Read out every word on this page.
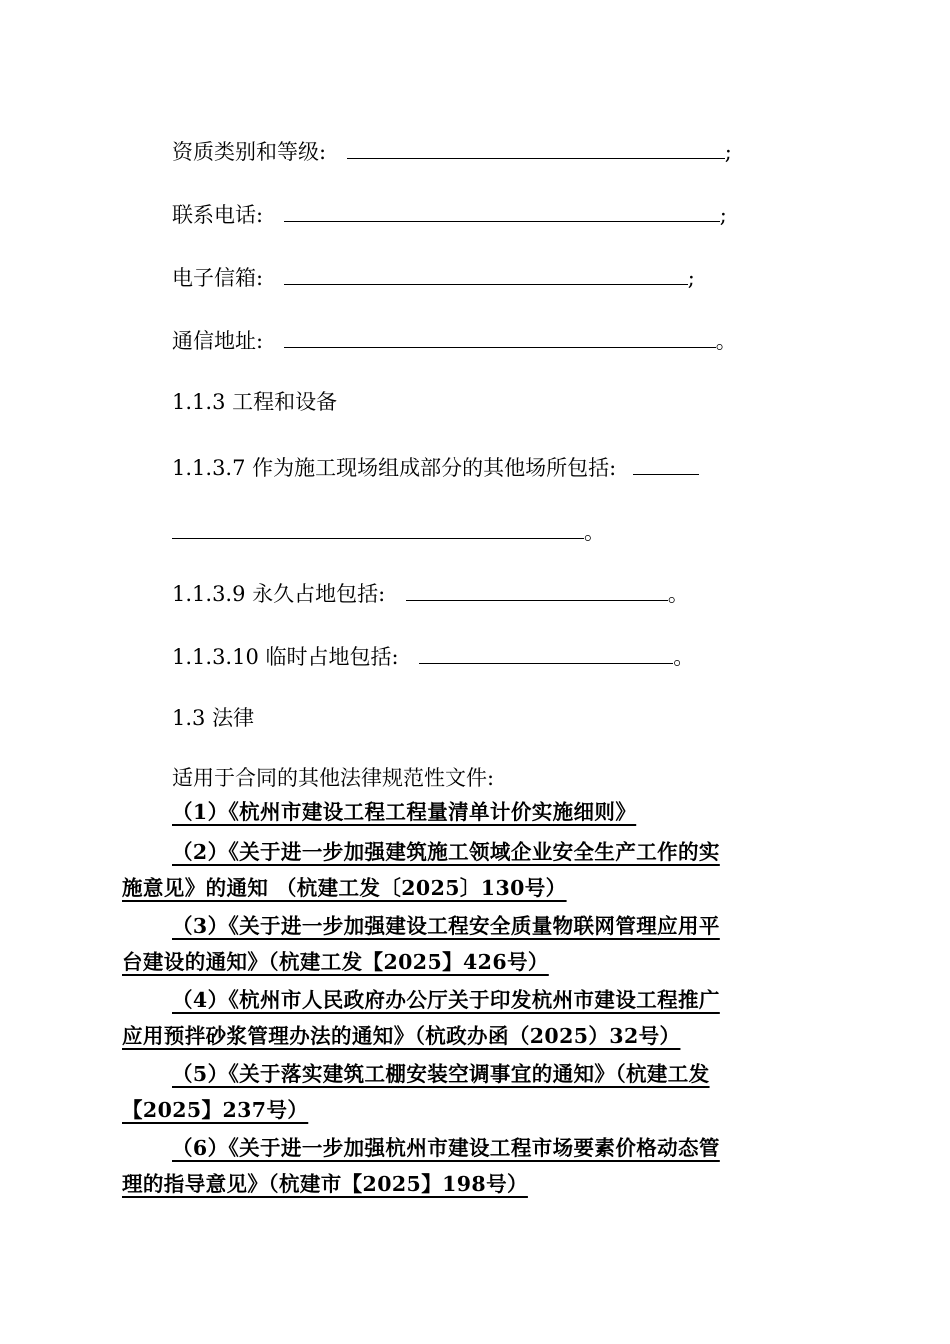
资质类别和等级:	;
联系电话:	;
电子信箱:	;
通信地址:	。
1.1.3 工程和设备
1.1.3.7 作为施工现场组成部分的其他场所包括:
。
1.1.3.9 永久占地包括:	。
1.1.3.10 临时占地包括:	。
1.3 法律
适用于合同的其他法律规范性文件:
（1）《杭州市建设工程工程量清单计价实施细则》
（2）《关于进一步加强建筑施工领域企业安全生产工作的实
施意见》的通知 （杭建工发〔2025〕130号）
（3）《关于进一步加强建设工程安全质量物联网管理应用平
台建设的通知》（杭建工发【2025】426号）
（4）《杭州市人民政府办公厅关于印发杭州市建设工程推广
应用预拌砂浆管理办法的通知》（杭政办函（2025）32号）
（5）《关于落实建筑工棚安装空调事宜的通知》（杭建工发
【2025】237号）
（6）《关于进一步加强杭州市建设工程市场要素价格动态管
理的指导意见》（杭建市【2025】198号）
